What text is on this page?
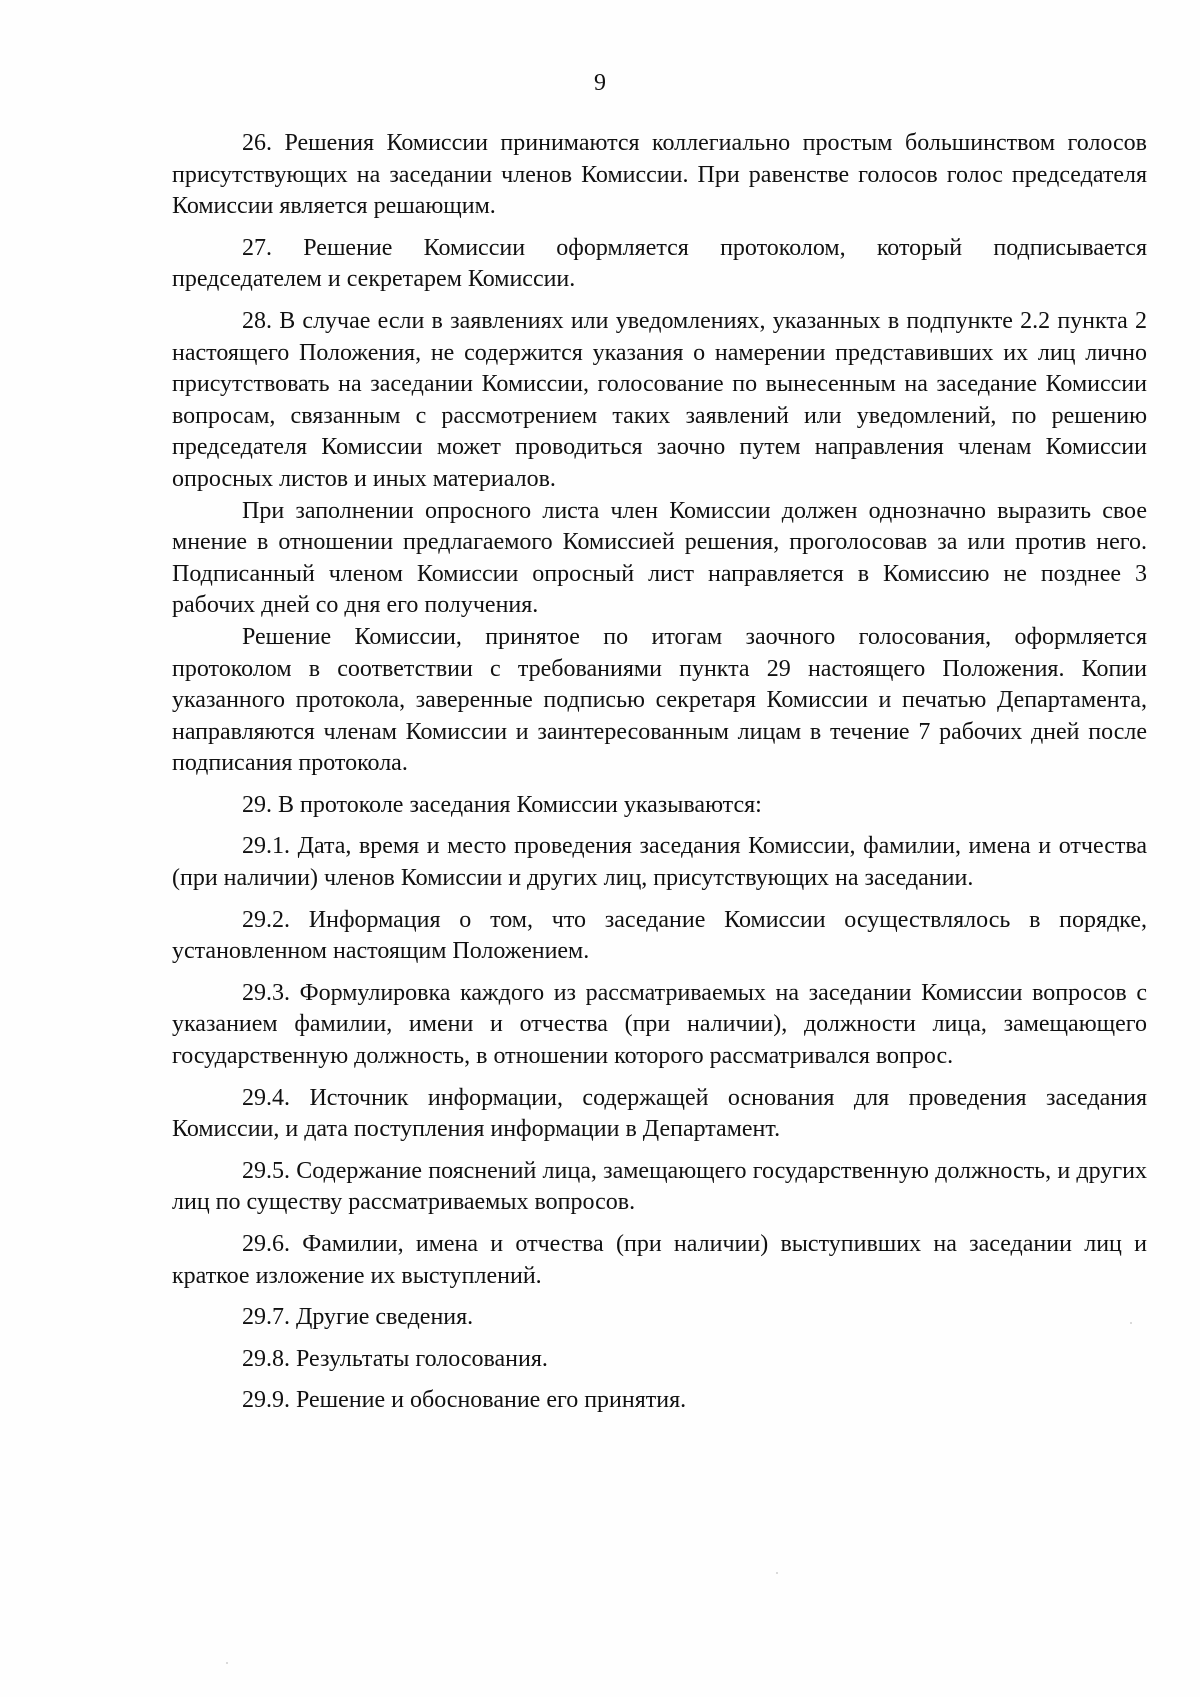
9

26. Решения Комиссии принимаются коллегиально простым большинством голосов присутствующих на заседании членов Комиссии. При равенстве голосов голос председателя Комиссии является решающим.

27. Решение Комиссии оформляется протоколом, который подписывается председателем и секретарем Комиссии.

28. В случае если в заявлениях или уведомлениях, указанных в подпункте 2.2 пункта 2 настоящего Положения, не содержится указания о намерении представивших их лиц лично присутствовать на заседании Комиссии, голосование по вынесенным на заседание Комиссии вопросам, связанным с рассмотрением таких заявлений или уведомлений, по решению председателя Комиссии может проводиться заочно путем направления членам Комиссии опросных листов и иных материалов.

При заполнении опросного листа член Комиссии должен однозначно выразить свое мнение в отношении предлагаемого Комиссией решения, проголосовав за или против него. Подписанный членом Комиссии опросный лист направляется в Комиссию не позднее 3 рабочих дней со дня его получения.

Решение Комиссии, принятое по итогам заочного голосования, оформляется протоколом в соответствии с требованиями пункта 29 настоящего Положения. Копии указанного протокола, заверенные подписью секретаря Комиссии и печатью Департамента, направляются членам Комиссии и заинтересованным лицам в течение 7 рабочих дней после подписания протокола.

29. В протоколе заседания Комиссии указываются:

29.1. Дата, время и место проведения заседания Комиссии, фамилии, имена и отчества (при наличии) членов Комиссии и других лиц, присутствующих на заседании.

29.2. Информация о том, что заседание Комиссии осуществлялось в порядке, установленном настоящим Положением.

29.3. Формулировка каждого из рассматриваемых на заседании Комиссии вопросов с указанием фамилии, имени и отчества (при наличии), должности лица, замещающего государственную должность, в отношении которого рассматривался вопрос.

29.4. Источник информации, содержащей основания для проведения заседания Комиссии, и дата поступления информации в Департамент.

29.5. Содержание пояснений лица, замещающего государственную должность, и других лиц по существу рассматриваемых вопросов.

29.6. Фамилии, имена и отчества (при наличии) выступивших на заседании лиц и краткое изложение их выступлений.

29.7. Другие сведения.

29.8. Результаты голосования.

29.9. Решение и обоснование его принятия.
